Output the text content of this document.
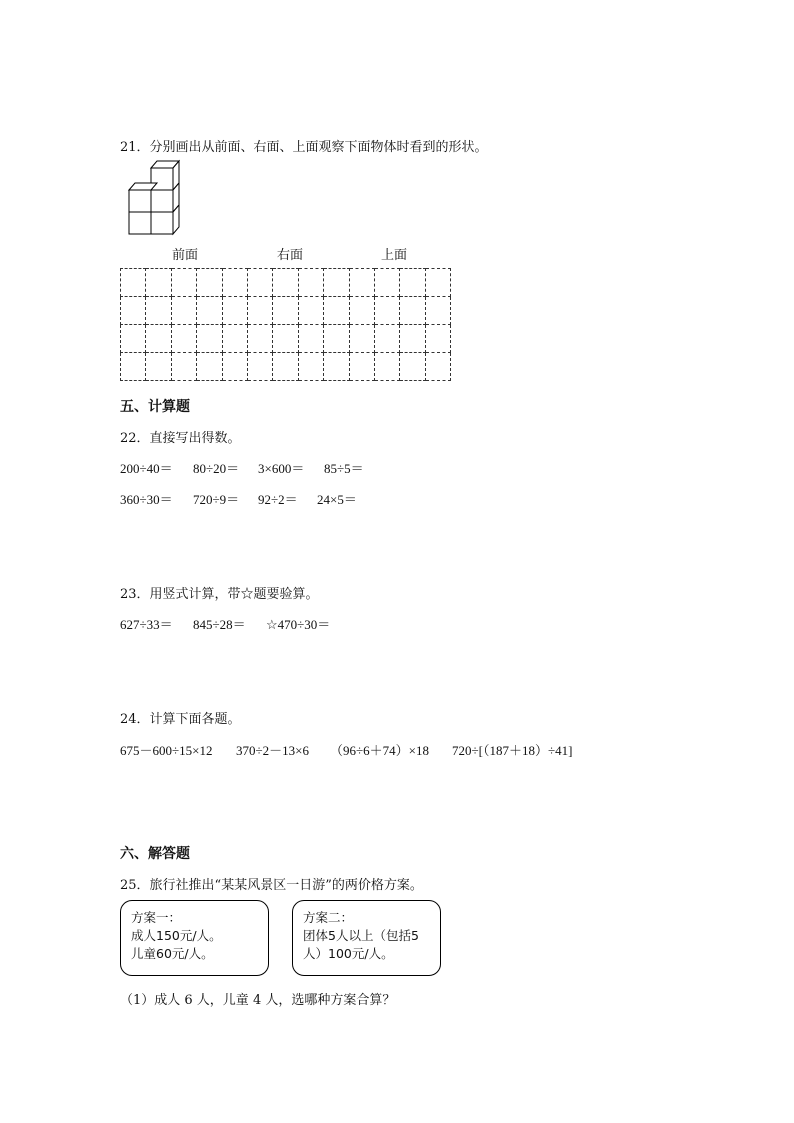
21．分别画出从前面、右面、上面观察下面物体时看到的形状。
前面	右面	上面

五、计算题
22．直接写出得数。
200÷40＝ 80÷20＝ 3×600＝ 85÷5＝
360÷30＝ 720÷9＝ 92÷2＝ 24×5＝
23．用竖式计算，带☆题要验算。
627÷33＝ 845÷28＝ ☆470÷30＝
24．计算下面各题。
675－600÷15×12 370÷2－13×6 （96÷6＋74）×18 720÷[（187＋18）÷41]
六、解答题
25．旅行社推出“某某风景区一日游”的两价格方案。
方案一：
成人150元/人。
儿童60元/人。
方案二：
团体5人以上（包括5
人）100元/人。
（1）成人 6 人，儿童 4 人，选哪种方案合算？
